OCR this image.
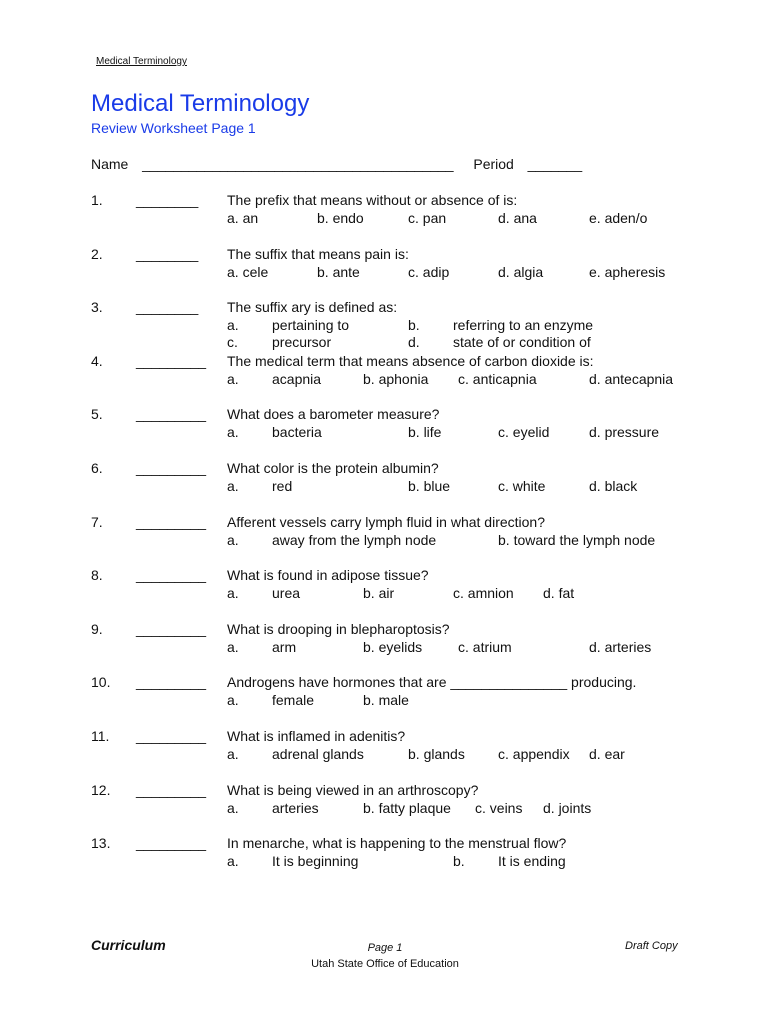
Medical Terminology
Medical Terminology
Review Worksheet Page 1
Name ________________________________________ Period _______
1. ________ The prefix that means without or absence of is:
a. an	b. endo	c. pan	d. ana	e. aden/o
2. ________ The suffix that means pain is:
a. cele	b. ante	c. adip	d. algia	e. apheresis
3. ________ The suffix ary is defined as:
a. pertaining to	b. referring to an enzyme
c. precursor	d. state of or condition of
4. _________ The medical term that means absence of carbon dioxide is:
a. acapnia	b. aphonia c. anticapnia	d. antecapnia
5. _________ What does a barometer measure?
a. bacteria	b. life	c. eyelid	d. pressure
6. _________ What color is the protein albumin?
a. red	b. blue	c. white	d. black
7. _________ Afferent vessels carry lymph fluid in what direction?
a. away from the lymph node	b. toward the lymph node
8. _________ What is found in adipose tissue?
a. urea	b. air	c. amnion d. fat
9. _________ What is drooping in blepharoptosis?
a. arm	b. eyelids	c. atrium	d. arteries
10. _________ Androgens have hormones that are _______________ producing.
a. female	b. male
11. _________ What is inflamed in adenitis?
a. adrenal glands	b. glands c. appendix d. ear
12. _________ What is being viewed in an arthroscopy?
a. arteries	b. fatty plaque c. veins d. joints
13. _________ In menarche, what is happening to the menstrual flow?
a. It is beginning	b. It is ending
Curriculum	Page 1
Utah State Office of Education
Draft Copy
